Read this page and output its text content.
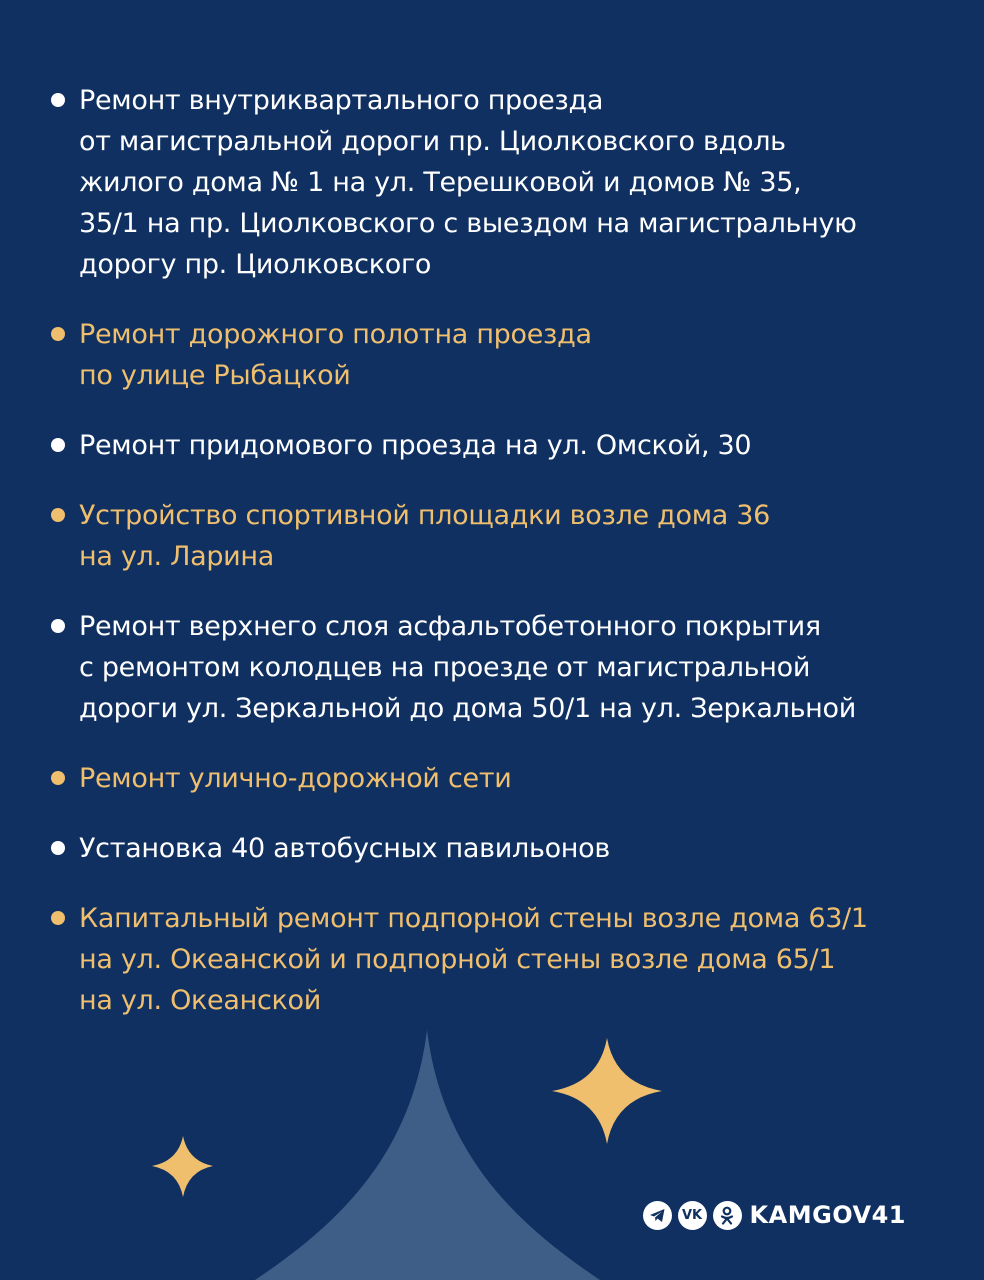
Ремонт внутриквартального проезда
от магистральной дороги пр. Циолковского вдоль
жилого дома № 1 на ул. Терешковой и домов № 35,
35/1 на пр. Циолковского с выездом на магистральную
дорогу пр. Циолковского
Ремонт дорожного полотна проезда
по улице Рыбацкой
Ремонт придомового проезда на ул. Омской, 30
Устройство спортивной площадки возле дома 36
на ул. Ларина
Ремонт верхнего слоя асфальтобетонного покрытия
с ремонтом колодцев на проезде от магистральной
дороги ул. Зеркальной до дома 50/1 на ул. Зеркальной
Ремонт улично-дорожной сети
Установка 40 автобусных павильонов
Капитальный ремонт подпорной стены возле дома 63/1
на ул. Океанской и подпорной стены возле дома 65/1
на ул. Океанской
VK KAMGOV41
